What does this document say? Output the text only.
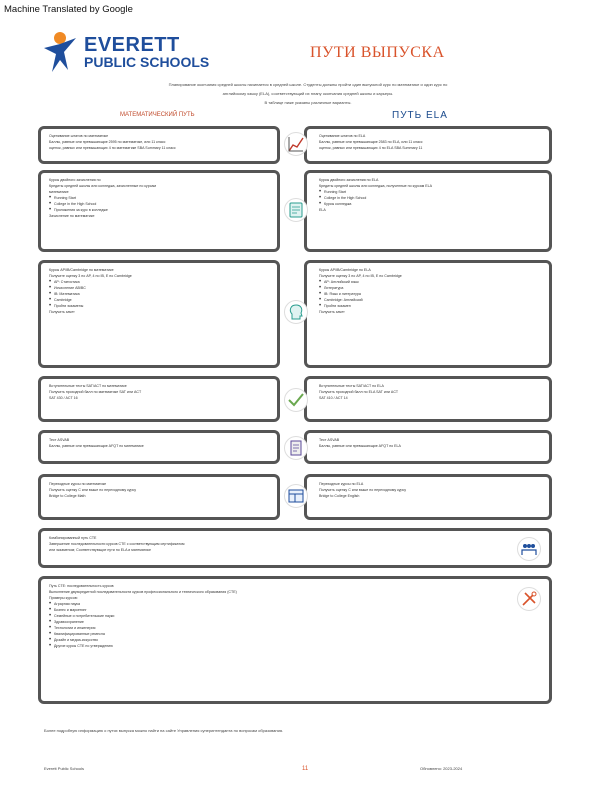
Machine Translated by Google
EVERETT
PUBLIC SCHOOLS
ПУТИ ВЫПУСКА
Планирование окончания средней школы начинается в средней школе. Студенты должны пройти один выпускной курс по математике и один курс по
английскому языку (ELA), соответствующий их плану окончания средней школы и карьеры.
В таблице ниже указаны различные варианты.
МАТЕМАТИЧЕСКИЙ ПУТЬ	ПУТЬ ELA
Оценивание штатов по математике
Баллы, равные или превышающие 2595 по математике, или 11 класс
оценок, равных или превышающих 4 по математике SBA Summary 11 класс
Оценивание штатов по ELA
Баллы, равные или превышающие 2583 по ELA, или 11 класс
оценок, равных или превышающих 4 по ELA SBA Summary 11
Курсы двойного зачисления по
Кредиты средней школы или колледжа, зачисленные по курсам
математике
• Running Start
• College in the High School
• Приложения за курс в колледже
Зачисление по математике
Курсы двойного зачисления по ELA
Кредиты средней школы или колледжа, полученные по курсам ELA
• Running Start
• College in the High School
• Курсы колледжа
ELA
Курсы AP/IB/Cambridge по математике
Получите оценку 3 по AP, 4 по IB, E по Cambridge
• AP: Статистика
• Исчисление AB/BC
• IB: Математика
• Cambridge
• Пройти экзамены
Получить зачет
Курсы AP/IB/Cambridge по ELA
Получите оценку 3 по AP, 4 по IB, E по Cambridge
• AP: Английский язык
• Литература
• IB: Язык и литература
• Cambridge: Английский
• Пройти экзамен
Получить зачет
Вступительные тесты SAT/ACT по математике
Получить проходной балл по математике SAT или ACT
SAT 430 / ACT 16
Вступительные тесты SAT/ACT по ELA
Получить проходной балл по ELA SAT или ACT
SAT 410 / ACT 14
Тест ASVAB
Баллы, равные или превышающие AFQT по математике
Тест ASVAB
Баллы, равные или превышающие AFQT по ELA
Переходные курсы по математике
Получить оценку C или выше по переходному курсу
Bridge to College Math
Переходные курсы по ELA
Получить оценку C или выше по переходному курсу
Bridge to College English
Комбинированный путь CTE
Завершение последовательности курсов CTE с соответствующим сертификатом
или экзаменом; Соответствующие пути по ELA и математике
Путь CTE: последовательность курсов
Выполнение двухкредитной последовательности курсов профессионального и технического образования (CTE)
Примеры курсов:
• Аграрная наука
• Бизнес и маркетинг
• Семейные и потребительские науки
• Здравоохранение
• Технологии и инженерия
• Квалифицированные ремесла
• Дизайн и медиа-искусство
• Другие курсы CTE по утверждению
Более подробную информацию о путях выпуска можно найти на сайте Управления суперинтенданта по вопросам образования.
Everett Public Schools	11	Обновлено: 2023-2024
